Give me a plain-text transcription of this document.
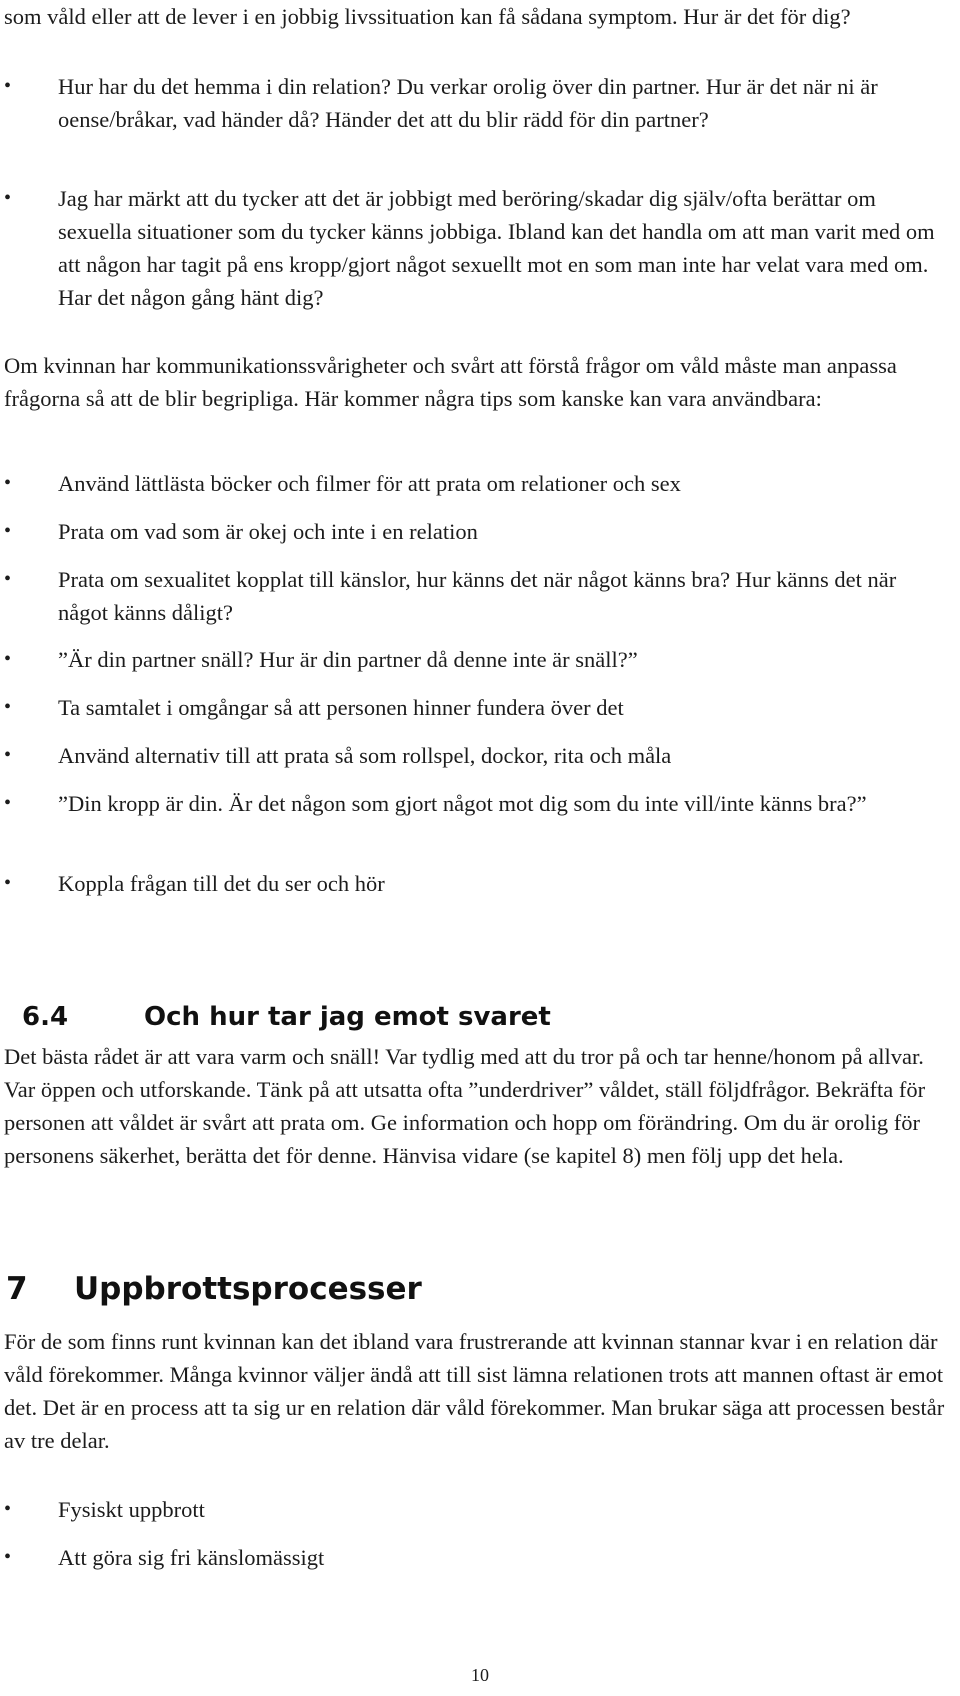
som våld eller att de lever i en jobbig livssituation kan få sådana symptom. Hur är det för dig?

• Hur har du det hemma i din relation? Du verkar orolig över din partner. Hur är det när ni är oense/bråkar, vad händer då? Händer det att du blir rädd för din partner?
• Jag har märkt att du tycker att det är jobbigt med beröring/skadar dig själv/ofta berättar om sexuella situationer som du tycker känns jobbiga. Ibland kan det handla om att man varit med om att någon har tagit på ens kropp/gjort något sexuellt mot en som man inte har velat vara med om. Har det någon gång hänt dig?

Om kvinnan har kommunikationssvårigheter och svårt att förstå frågor om våld måste man anpassa frågorna så att de blir begripliga. Här kommer några tips som kanske kan vara användbara:

• Använd lättlästa böcker och filmer för att prata om relationer och sex
• Prata om vad som är okej och inte i en relation
• Prata om sexualitet kopplat till känslor, hur känns det när något känns bra? Hur känns det när något känns dåligt?
• ”Är din partner snäll? Hur är din partner då denne inte är snäll?”
• Ta samtalet i omgångar så att personen hinner fundera över det
• Använd alternativ till att prata så som rollspel, dockor, rita och måla
• ”Din kropp är din. Är det någon som gjort något mot dig som du inte vill/inte känns bra?”
• Koppla frågan till det du ser och hör
6.4	Och hur tar jag emot svaret

Det bästa rådet är att vara varm och snäll! Var tydlig med att du tror på och tar henne/honom på allvar. Var öppen och utforskande. Tänk på att utsatta ofta ”underdriver” våldet, ställ följdfrågor. Bekräfta för personen att våldet är svårt att prata om. Ge information och hopp om förändring. Om du är orolig för personens säkerhet, berätta det för denne. Hänvisa vidare (se kapitel 8) men följ upp det hela.

7 Uppbrottsprocesser

För de som finns runt kvinnan kan det ibland vara frustrerande att kvinnan stannar kvar i en relation där våld förekommer. Många kvinnor väljer ändå att till sist lämna relationen trots att mannen oftast är emot det. Det är en process att ta sig ur en relation där våld förekommer. Man brukar säga att processen består av tre delar.

• Fysiskt uppbrott
• Att göra sig fri känslomässigt
10
